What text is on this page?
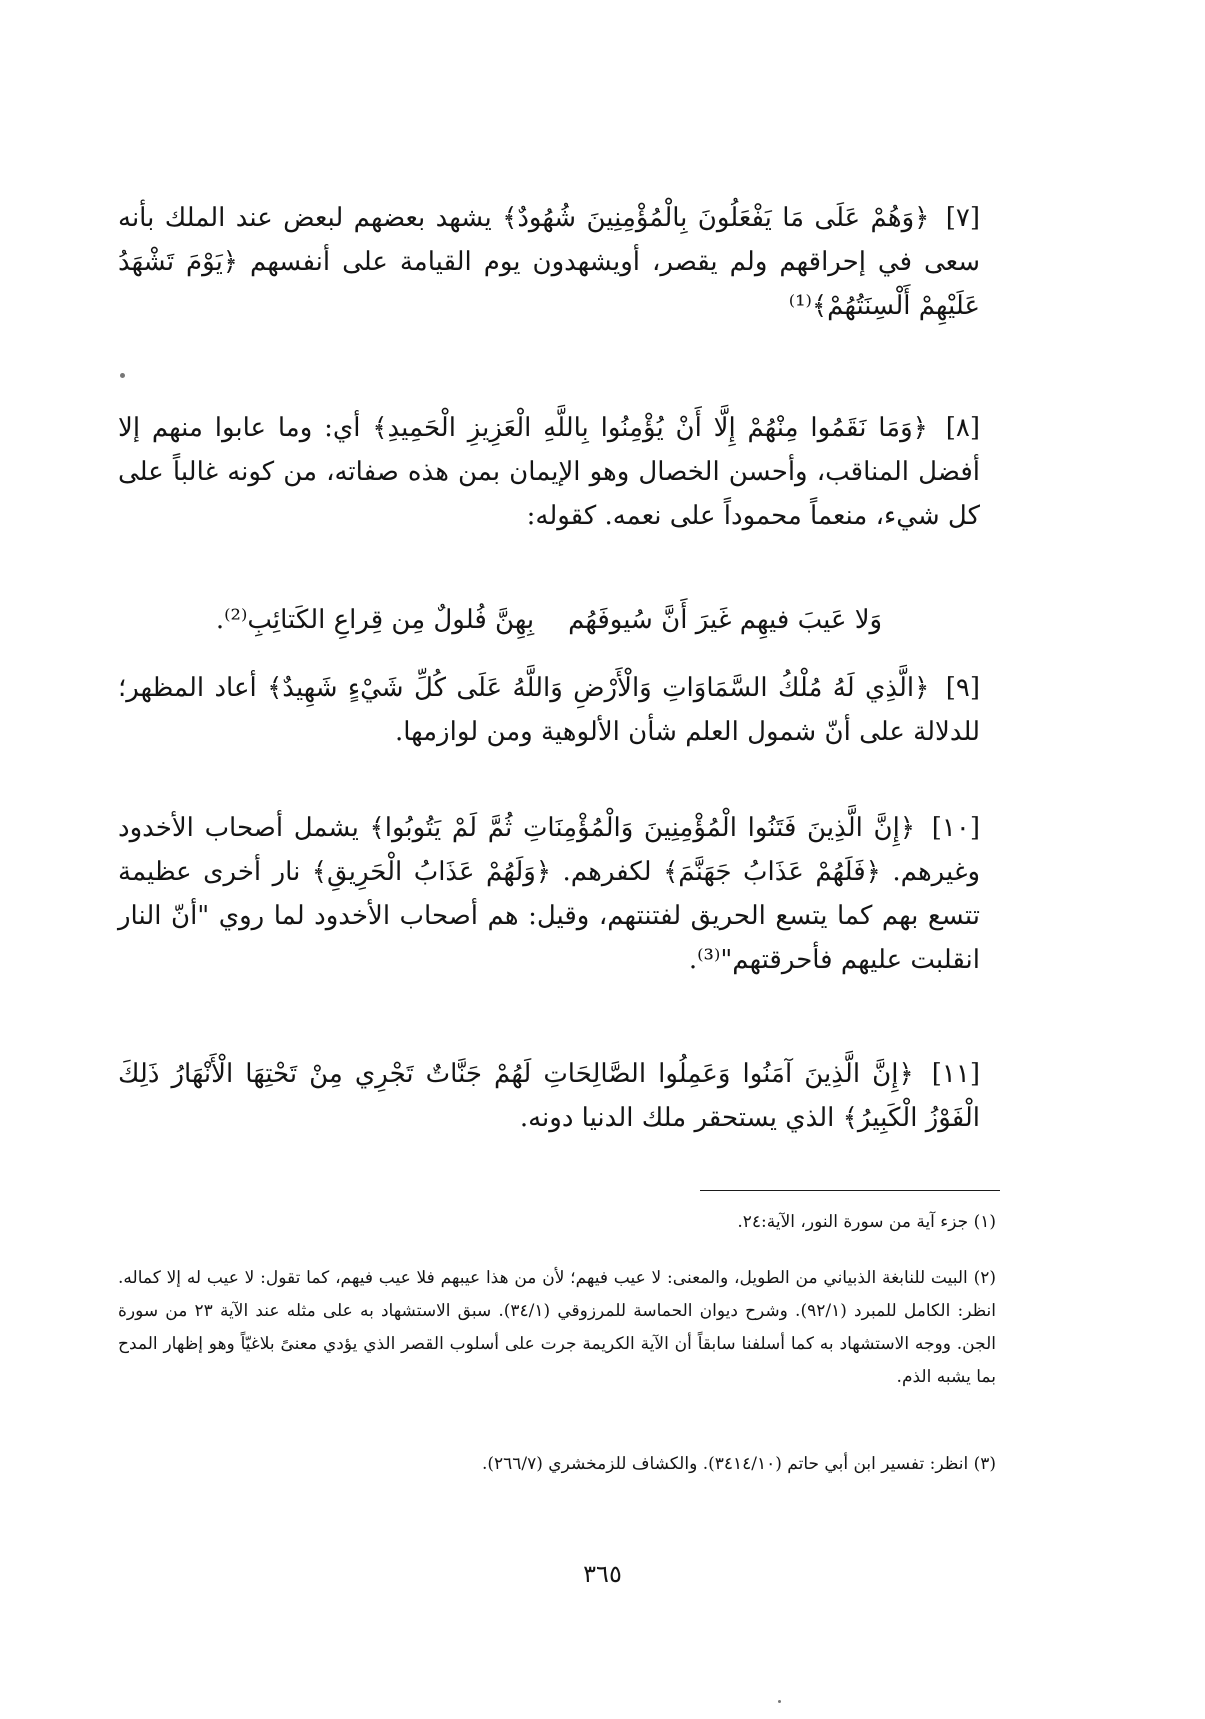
[٧] ﴿وَهُمْ عَلَى مَا يَفْعَلُونَ بِالْمُؤْمِنِينَ شُهُودٌ﴾ يشهد بعضهم لبعض عند الملك بأنه سعى في إحراقهم ولم يقصر، أويشهدون يوم القيامة على أنفسهم ﴿يَوْمَ تَشْهَدُ عَلَيْهِمْ أَلْسِنَتُهُمْ﴾⁽¹⁾
[٨] ﴿وَمَا نَقَمُوا مِنْهُمْ إِلَّا أَنْ يُؤْمِنُوا بِاللَّهِ الْعَزِيزِ الْحَمِيدِ﴾ أي: وما عابوا منهم إلا أفضل المناقب، وأحسن الخصال وهو الإيمان بمن هذه صفاته، من كونه غالباً على كل شيء، منعماً محموداً على نعمه. كقوله:
وَلا عَيبَ فيهِم غَيرَ أَنَّ سُيوفَهُمبِهِنَّ فُلولٌ مِن قِراعِ الكَتائِبِ⁽²⁾.
[٩] ﴿الَّذِي لَهُ مُلْكُ السَّمَاوَاتِ وَالْأَرْضِ وَاللَّهُ عَلَى كُلِّ شَيْءٍ شَهِيدٌ﴾ أعاد المظهر؛ للدلالة على أنّ شمول العلم شأن الألوهية ومن لوازمها.
[١٠] ﴿إِنَّ الَّذِينَ فَتَنُوا الْمُؤْمِنِينَ وَالْمُؤْمِنَاتِ ثُمَّ لَمْ يَتُوبُوا﴾ يشمل أصحاب الأخدود وغيرهم. ﴿فَلَهُمْ عَذَابُ جَهَنَّمَ﴾ لكفرهم. ﴿وَلَهُمْ عَذَابُ الْحَرِيقِ﴾ نار أخرى عظيمة تتسع بهم كما يتسع الحريق لفتنتهم، وقيل: هم أصحاب الأخدود لما روي "أنّ النار انقلبت عليهم فأحرقتهم"⁽³⁾.
[١١] ﴿إِنَّ الَّذِينَ آمَنُوا وَعَمِلُوا الصَّالِحَاتِ لَهُمْ جَنَّاتٌ تَجْرِي مِنْ تَحْتِهَا الْأَنْهَارُ ذَلِكَ الْفَوْزُ الْكَبِيرُ﴾ الذي يستحقر ملك الدنيا دونه.
(١) جزء آية من سورة النور، الآية:٢٤.
(٢) البيت للنابغة الذبياني من الطويل، والمعنى: لا عيب فيهم؛ لأن من هذا عيبهم فلا عيب فيهم، كما تقول: لا عيب له إلا كماله. انظر: الكامل للمبرد (٩٢/١). وشرح ديوان الحماسة للمرزوقي (٣٤/١). سبق الاستشهاد به على مثله عند الآية ٢٣ من سورة الجن. ووجه الاستشهاد به كما أسلفنا سابقاً أن الآية الكريمة جرت على أسلوب القصر الذي يؤدي معنىً بلاغيّاً وهو إظهار المدح بما يشبه الذم.
(٣) انظر: تفسير ابن أبي حاتم (٣٤١٤/١٠). والكشاف للزمخشري (٢٦٦/٧).
٣٦٥
